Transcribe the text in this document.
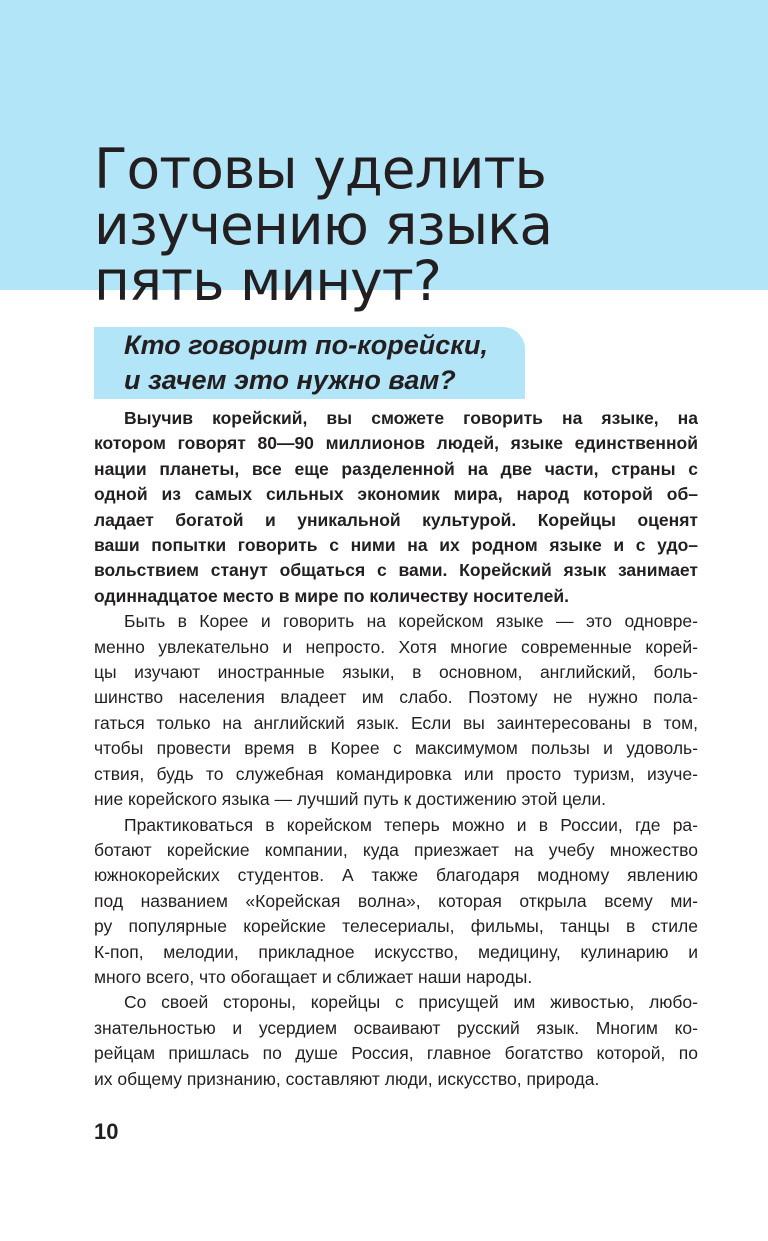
Готовы уделить
изучению языка
пять минут?
Кто говорит по-корейски,
и зачем это нужно вам?

Выучив корейский, вы сможете говорить на языке, на
котором говорят 80—90 миллионов людей, языке единственной
нации планеты, все еще разделенной на две части, страны с
одной из самых сильных экономик мира, народ которой об–
ладает богатой и уникальной культурой. Корейцы оценят
ваши попытки говорить с ними на их родном языке и с удо–
вольствием станут общаться с вами. Корейский язык занимает
одиннадцатое место в мире по количеству носителей.

Быть в Корее и говорить на корейском языке — это одновре-
менно увлекательно и непросто. Хотя многие современные корей-
цы изучают иностранные языки, в основном, английский, боль-
шинство населения владеет им слабо. Поэтому не нужно пола-
гаться только на английский язык. Если вы заинтересованы в том,
чтобы провести время в Корее с максимумом пользы и удоволь-
ствия, будь то служебная командировка или просто туризм, изуче-
ние корейского языка — лучший путь к достижению этой цели.

Практиковаться в корейском теперь можно и в России, где ра-
ботают корейские компании, куда приезжает на учебу множество
южнокорейских студентов. А также благодаря модному явлению
под названием «Корейская волна», которая открыла всему ми-
ру популярные корейские телесериалы, фильмы, танцы в стиле
К-поп, мелодии, прикладное искусство, медицину, кулинарию и
много всего, что обогащает и сближает наши народы.

Со своей стороны, корейцы с присущей им живостью, любо-
знательностью и усердием осваивают русский язык. Многим ко-
рейцам пришлась по душе Россия, главное богатство которой, по
их общему признанию, составляют люди, искусство, природа.

10
